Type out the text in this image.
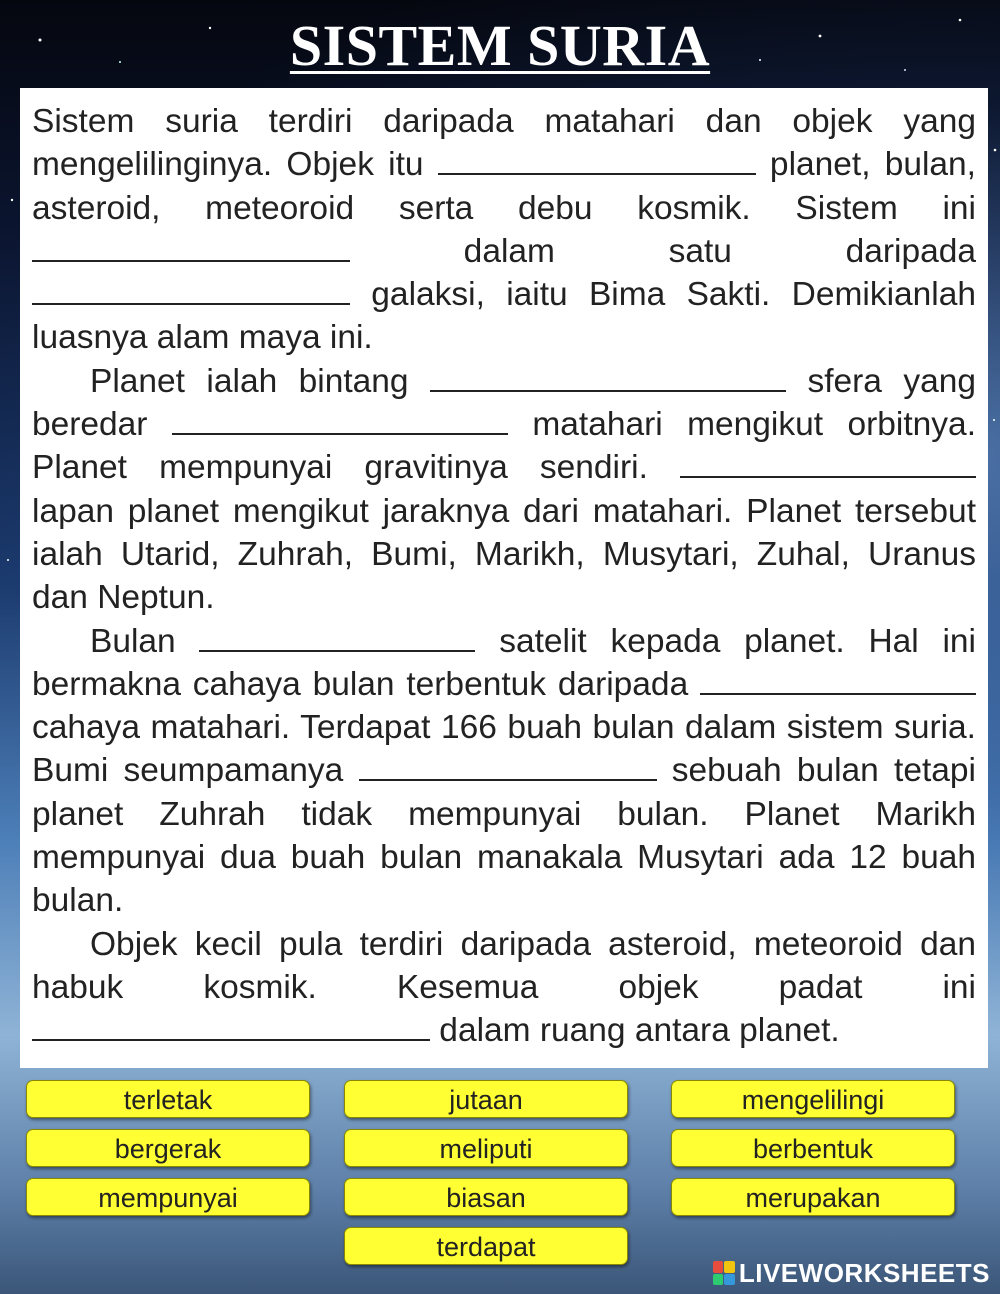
SISTEM SURIA

Sistem suria terdiri daripada matahari dan objek yang mengelilinginya. Objek itu	planet, bulan, asteroid, meteoroid serta debu kosmik. Sistem ini  dalam satu daripada  galaksi, iaitu Bima Sakti. Demikianlah luasnya alam maya ini.

Planet ialah bintang	sfera yang beredar	matahari mengikut orbitnya. Planet mempunyai gravitinya sendiri.  lapan planet mengikut jaraknya dari matahari. Planet tersebut ialah Utarid, Zuhrah, Bumi, Marikh, Musytari, Zuhal, Uranus dan Neptun.

Bulan	satelit kepada planet. Hal ini bermakna cahaya bulan terbentuk daripada  cahaya matahari. Terdapat 166 buah bulan dalam sistem suria. Bumi seumpamanya	sebuah bulan tetapi planet Zuhrah tidak mempunyai bulan. Planet Marikh mempunyai dua buah bulan manakala Musytari ada 12 buah bulan.

Objek kecil pula terdiri daripada asteroid, meteoroid dan habuk kosmik. Kesemua objek padat ini  dalam ruang antara planet.

terletak	jutaan	mengelilingi
bergerak	meliputi	berbentuk
mempunyai	biasan	merupakan
terdapat
LIVEWORKSHEETS
